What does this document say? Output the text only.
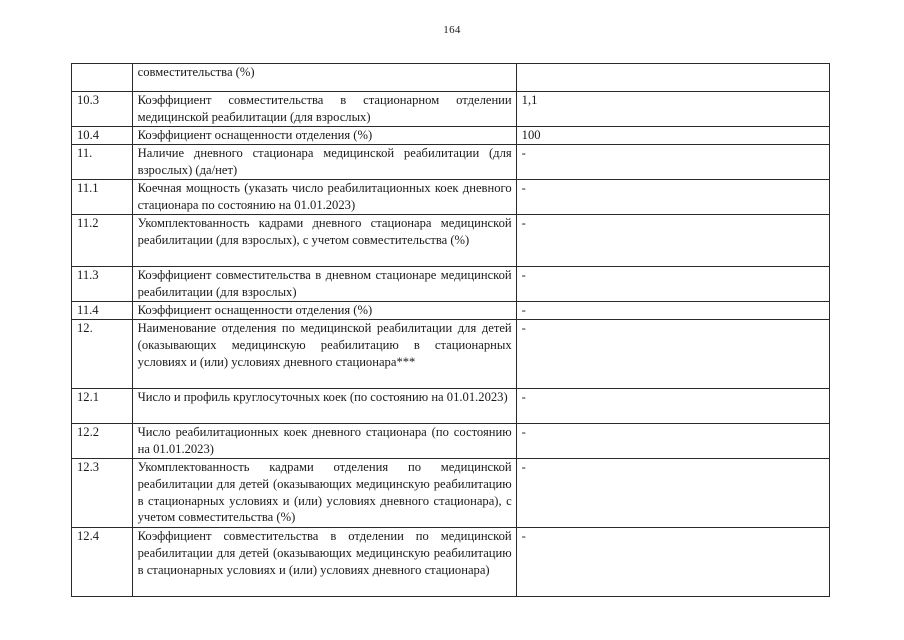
164
	совместительства (%)	
10.3	Коэффициент совместительства в стационарном отделении медицинской реабилитации (для взрослых)	1,1
10.4	Коэффициент оснащенности отделения (%)	100
11.	Наличие дневного стационара медицинской реабилитации (для взрослых) (да/нет)	-
11.1	Коечная мощность (указать число реабилитационных коек дневного стационара по состоянию на 01.01.2023)	-
11.2	Укомплектованность кадрами дневного стационара медицинской реабилитации (для взрослых), с учетом совместительства (%)	-
11.3	Коэффициент совместительства в дневном стационаре медицинской реабилитации (для взрослых)	-
11.4	Коэффициент оснащенности отделения (%)	-
12.	Наименование отделения по медицинской реабилитации для детей (оказывающих медицинскую реабилитацию в стационарных условиях и (или) условиях дневного стационара***	-
12.1	Число и профиль круглосуточных коек (по состоянию на 01.01.2023)	-
12.2	Число реабилитационных коек дневного стационара (по состоянию на 01.01.2023)	-
12.3	Укомплектованность кадрами отделения по медицинской реабилитации для детей (оказывающих медицинскую реабилитацию в стационарных условиях и (или) условиях дневного стационара), с учетом совместительства (%)	-
12.4	Коэффициент совместительства в отделении по медицинской реабилитации для детей (оказывающих медицинскую реабилитацию в стационарных условиях и (или) условиях дневного стационара)	-
